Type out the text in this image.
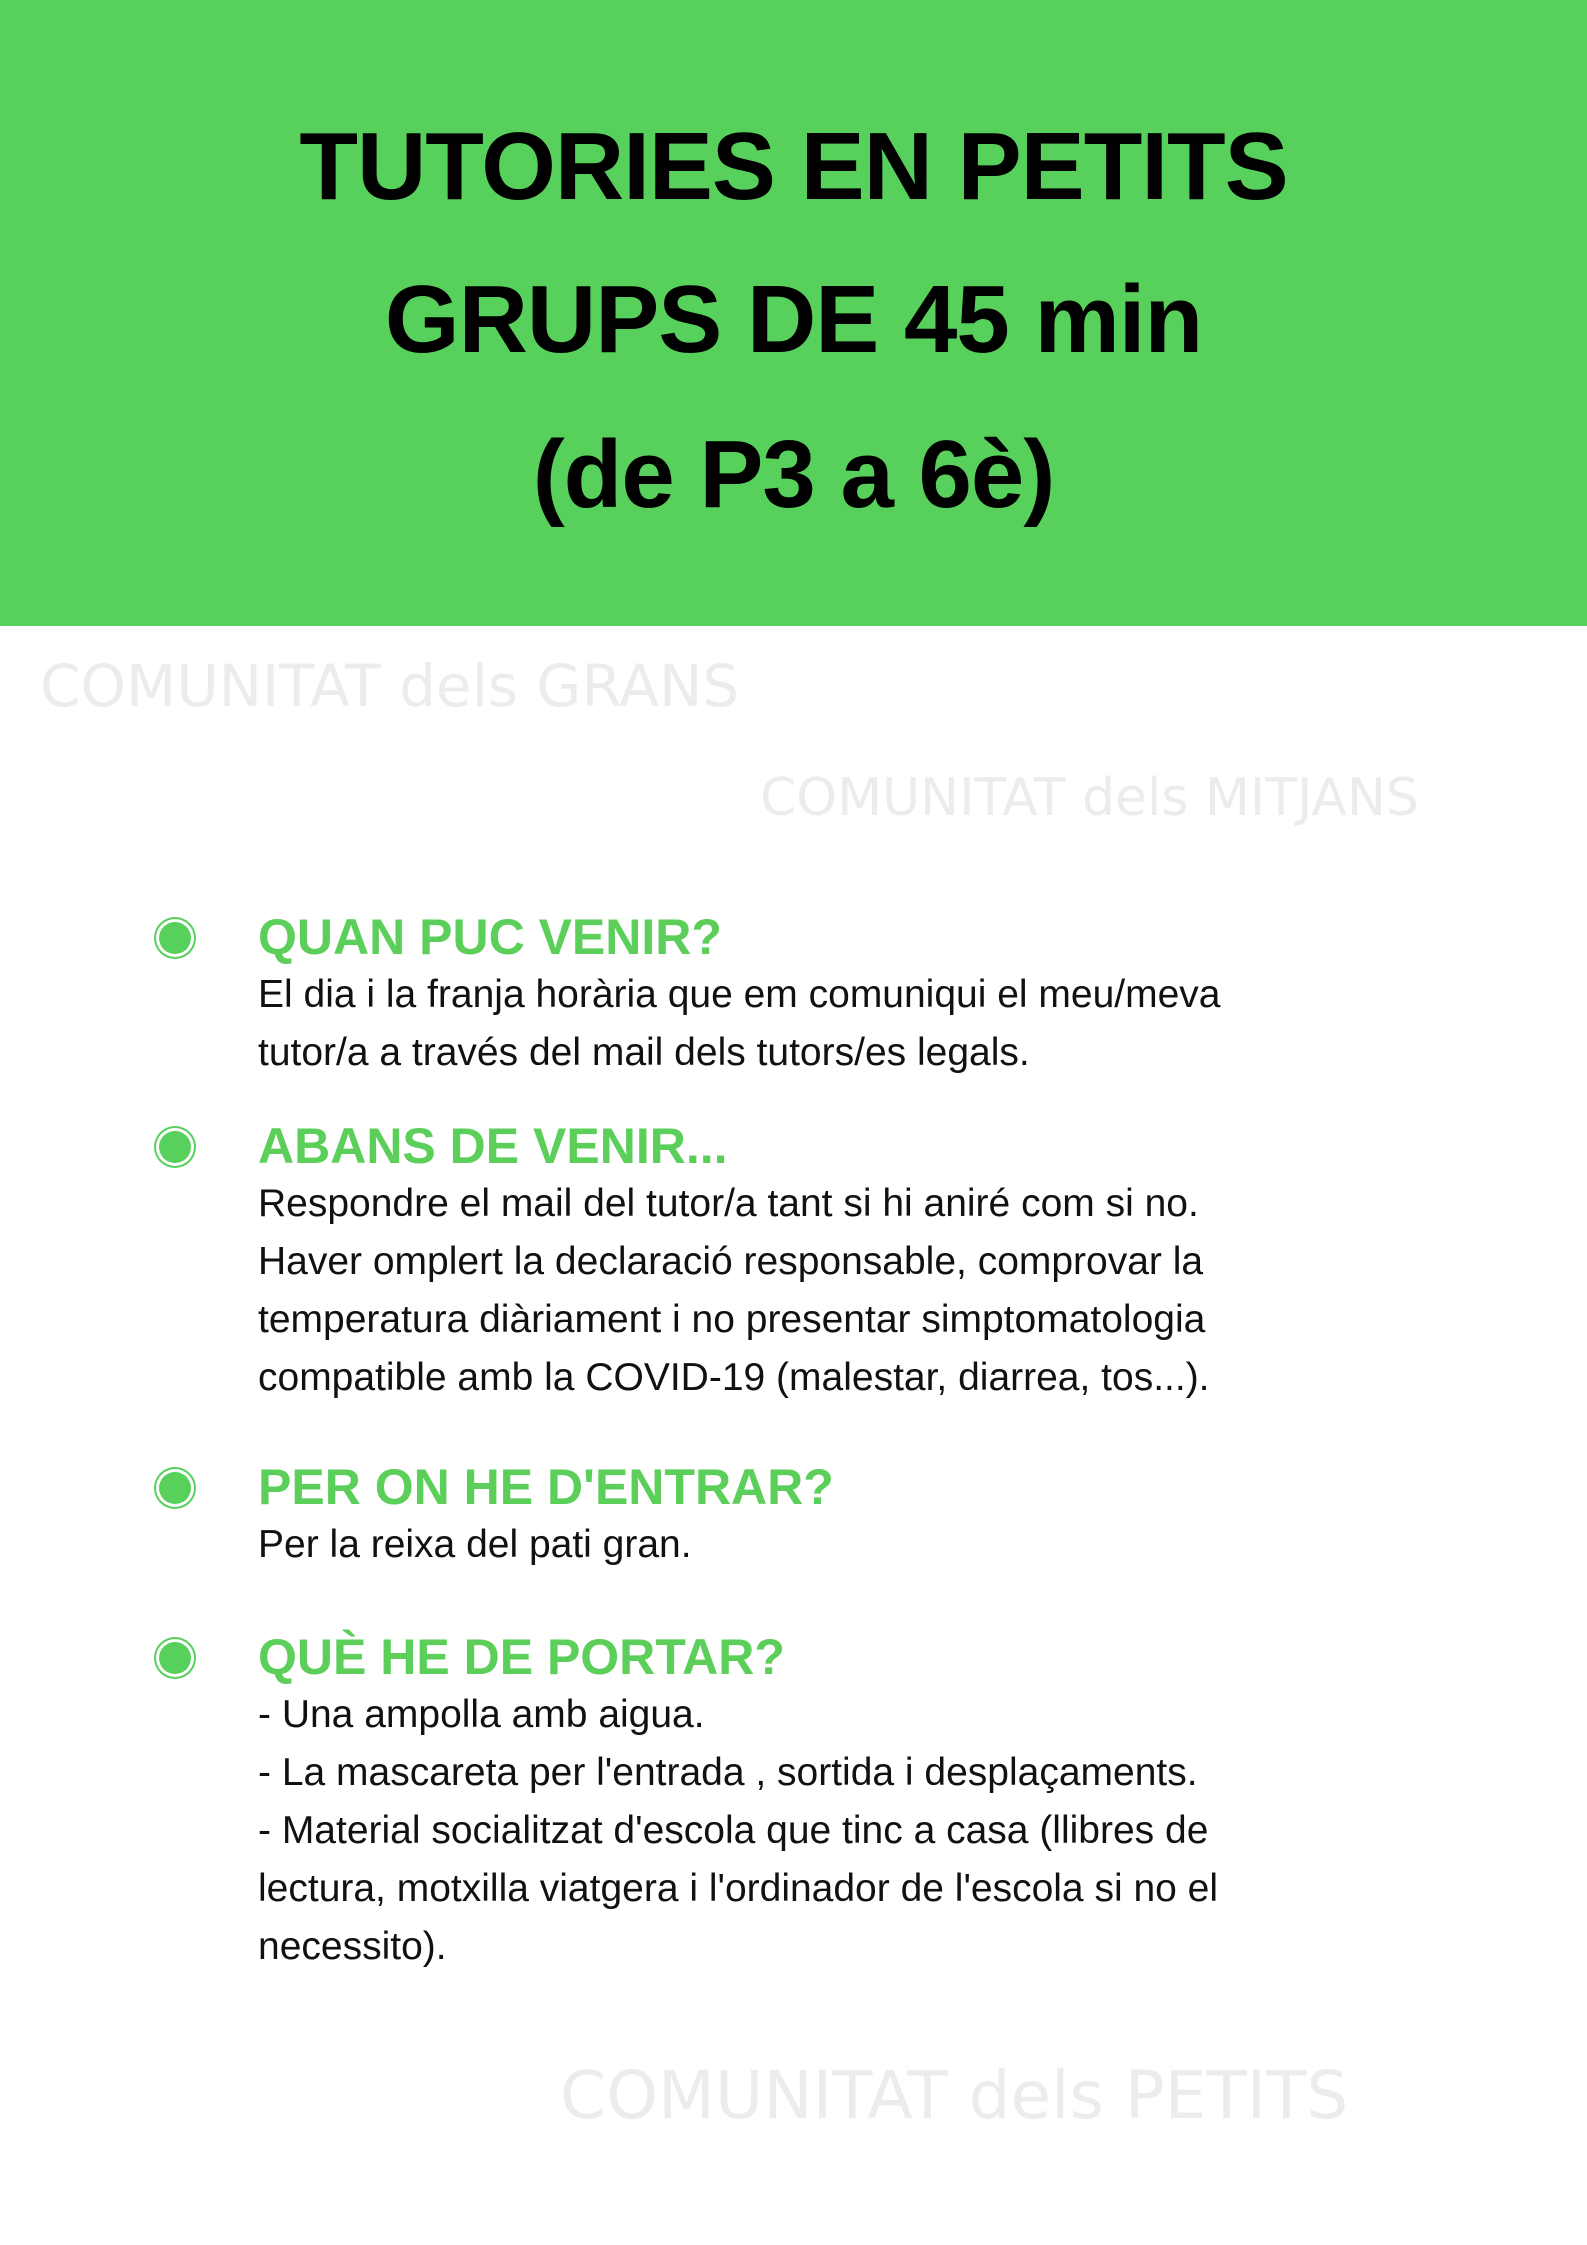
TUTORIES EN PETITS
GRUPS DE 45 min
(de P3 a 6è)
COMUNITAT dels GRANS
COMUNITAT dels MITJANS
COMUNITAT dels PETITS
QUAN PUC VENIR?
El dia i la franja horària que em comuniqui el meu/meva
tutor/a a través del mail dels tutors/es legals.
ABANS DE VENIR...
Respondre el mail del tutor/a tant si hi aniré com si no.
Haver omplert la declaració responsable, comprovar la
temperatura diàriament i no presentar simptomatologia
compatible amb la COVID-19 (malestar, diarrea, tos...).
PER ON HE D'ENTRAR?
Per la reixa del pati gran.
QUÈ HE DE PORTAR?
- Una ampolla amb aigua.
- La mascareta per l'entrada , sortida i desplaçaments.
- Material socialitzat d'escola que tinc a casa (llibres de
lectura, motxilla viatgera i l'ordinador de l'escola si no el
necessito).
